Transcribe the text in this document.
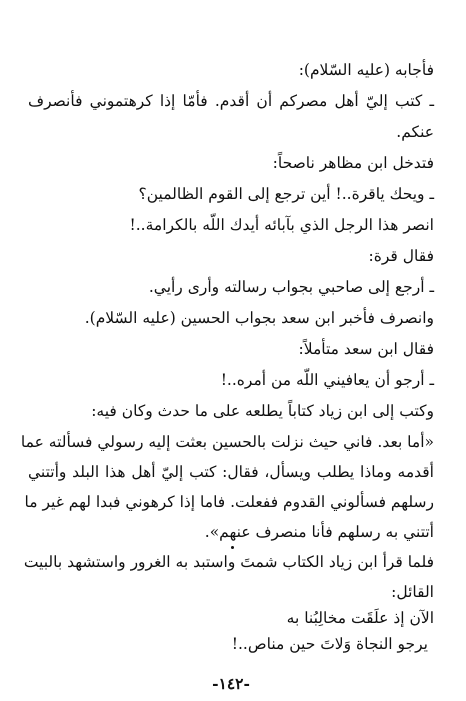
فأجابه (عليه السّلام):
ـ كتب إليّ أهل مصركم أن أقدم. فأمّا إذا كرهتموني فأنصرف
عنكم.
فتدخل ابن مظاهر ناصحاً:
ـ ويحك ياقرة..! أين ترجع إلى القوم الظالمين؟
انصر هذا الرجل الذي بآبائه أيدك اللّه بالكرامة..!
فقال قرة:
ـ أرجع إلى صاحبي بجواب رسالته وأرى رأيي.
وانصرف فأخبر ابن سعد بجواب الحسين (عليه السّلام).
فقال ابن سعد متأملاً:
ـ أرجو أن يعافيني اللّه من أمره..!
وكتب إلى ابن زياد كتاباً يطلعه على ما حدث وكان فيه:
«أما بعد. فاني حيث نزلت بالحسين بعثت إليه رسولي فسألته عما
أقدمه وماذا يطلب ويسأل، فقال: كتب إليّ أهل هذا البلد وأتتني
رسلهم فسألوني القدوم ففعلت. فاما إذا كرهوني فبدا لهم غير ما
أتتني به رسلهم فأنا منصرف عنهم».
فلما قرأ ابن زياد الكتاب شمتَ واستبد به الغرور واستشهد بالبيت
القائل:
الآن إذ علَقَت مخالِبُنا به
يرجو النجاة وَلاتَ حين مناص..!
-١٤٢-
